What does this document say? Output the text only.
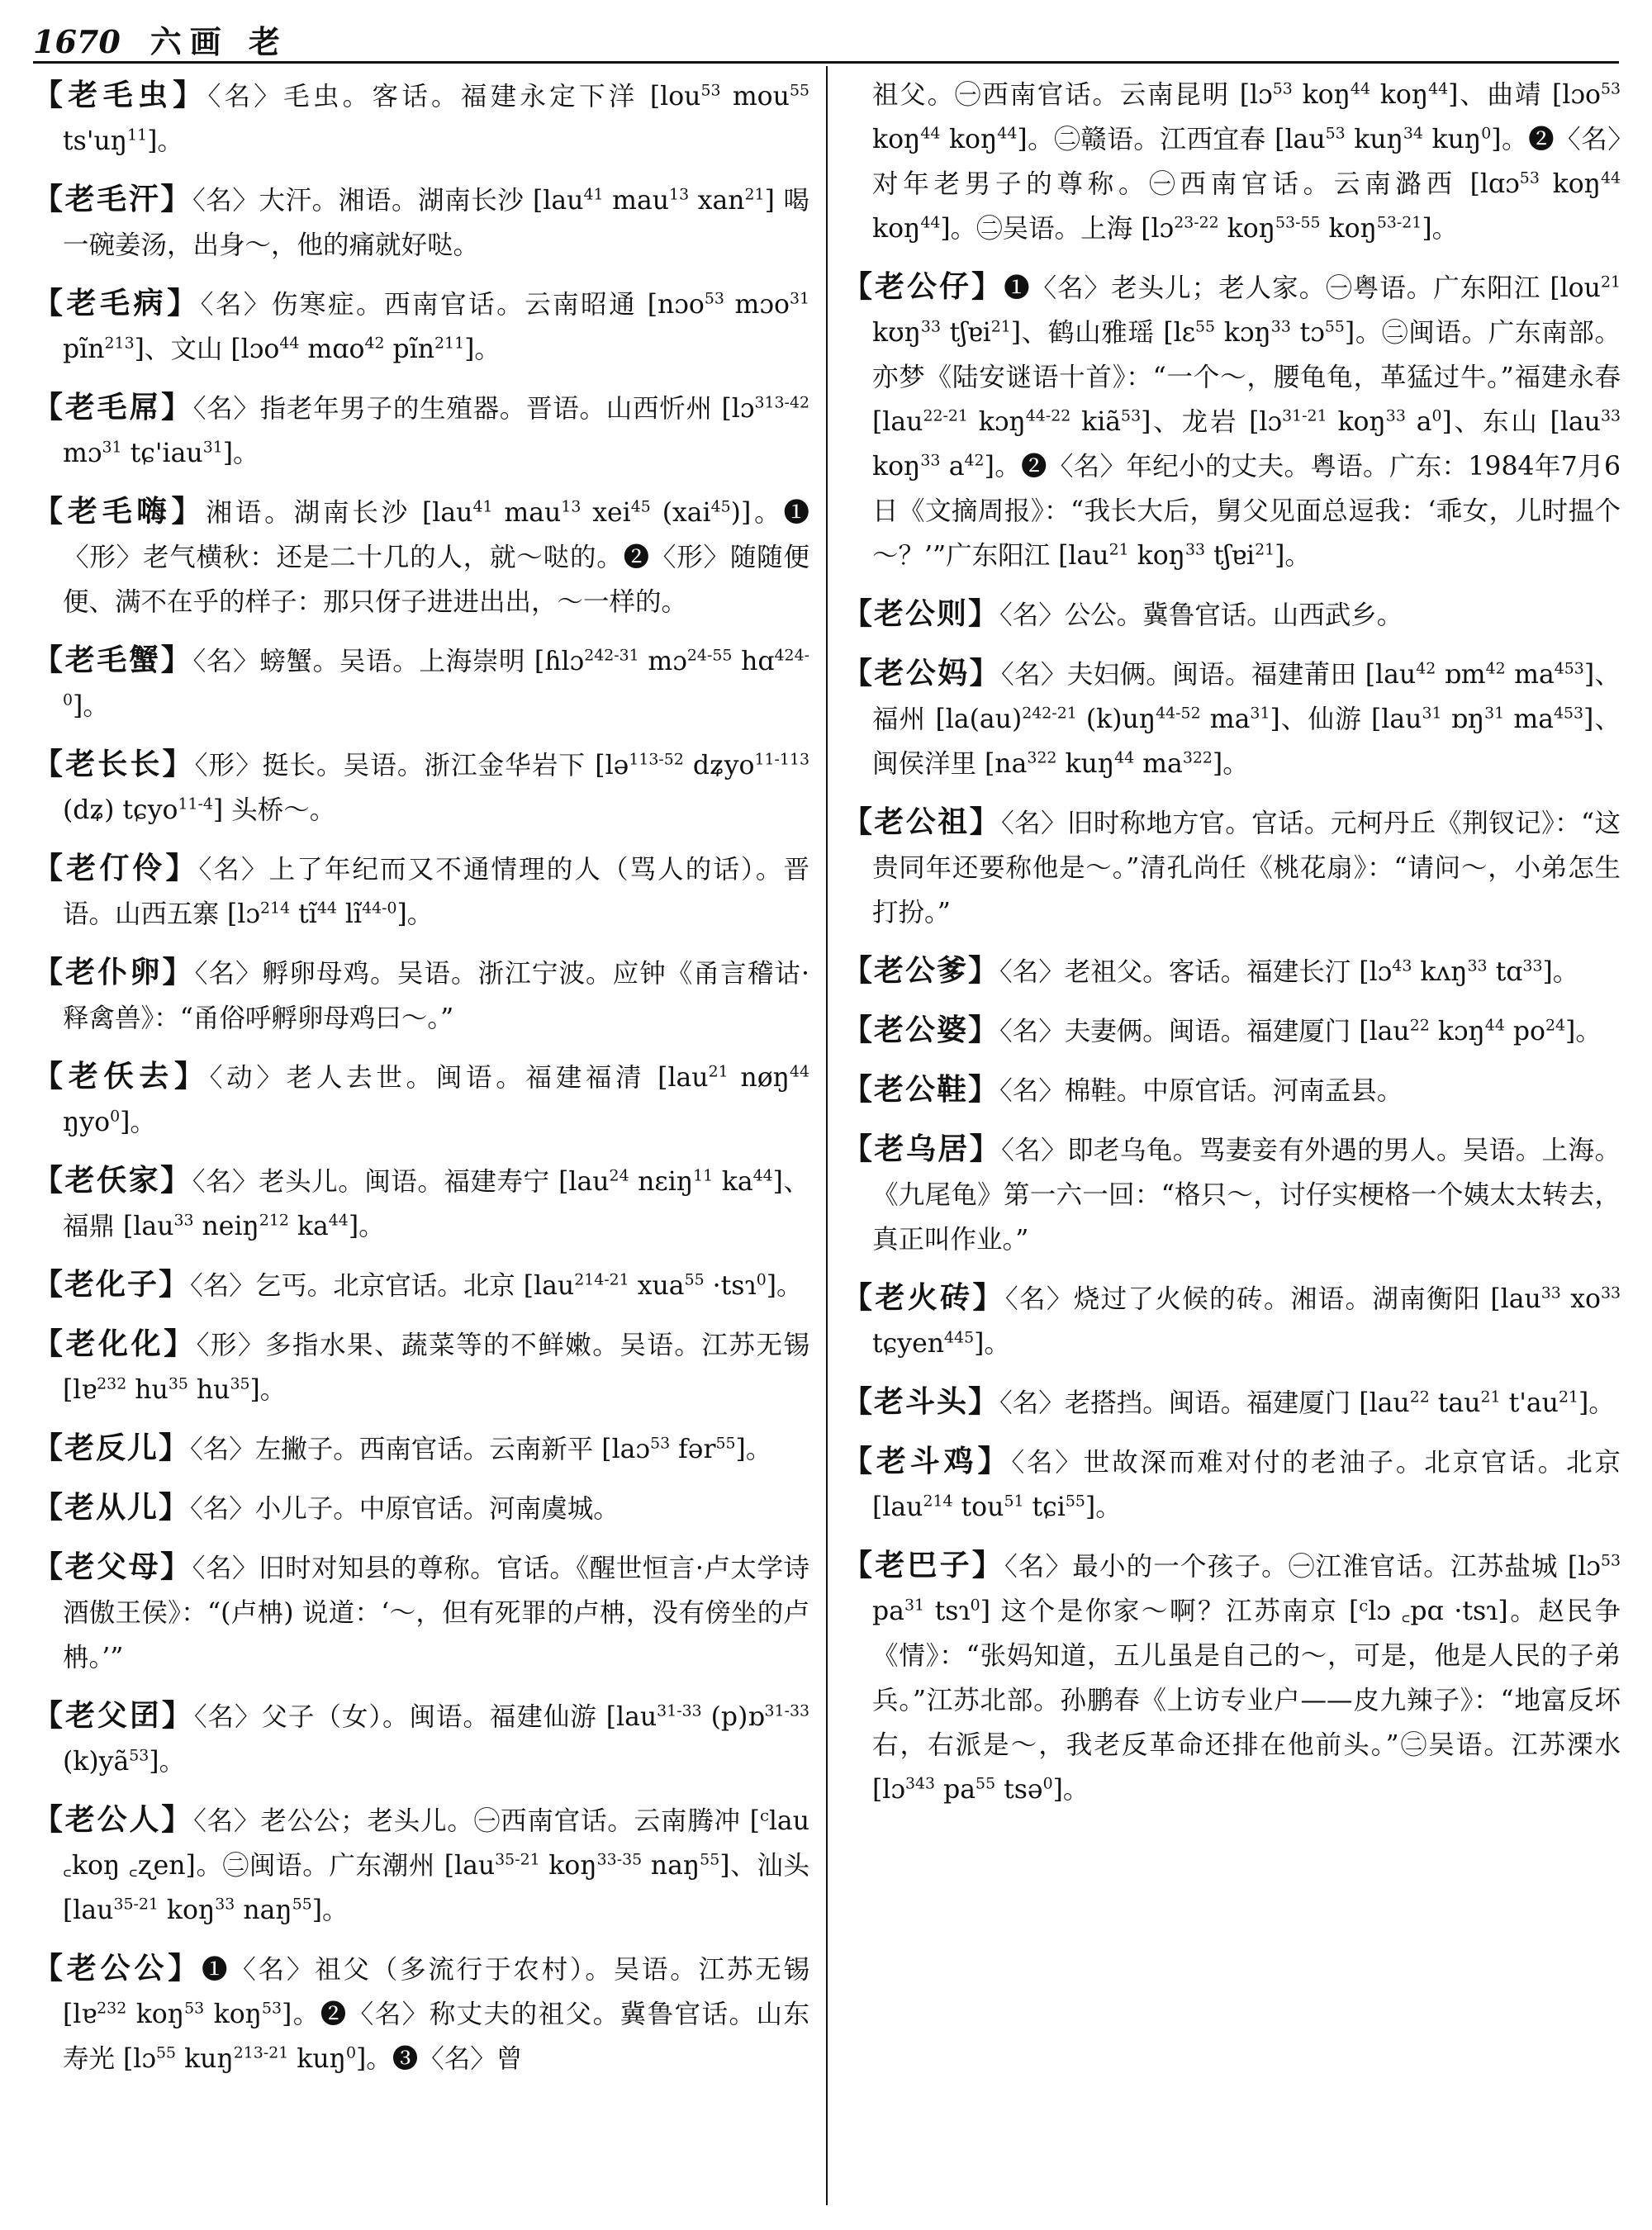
1670 六画 老

【老毛虫】〈名〉毛虫。客话。福建永定下洋 [lou$^{53}$ mou$^{55}$ $ts'uŋ^{11}$]。

【老毛汗】〈名〉大汗。湘语。湖南长沙 [lau$^{41}$ mau$^{13}$ xan$^{21}$] 喝一碗姜汤，出身～，他的痛就好哒。

【老毛病】〈名〉伤寒症。西南官话。云南昭通 [nɔo$^{53}$ mɔo$^{31}$ pĩn$^{213}$]、文山 [lɔo$^{44}$ mɑo$^{42}$ pĩn$^{211}$]。

【老毛屌】〈名〉指老年男子的生殖器。晋语。山西忻州 [lɔ$^{313-42}$ mɔ$^{31}$ tɕ'iau$^{31}$]。

【老毛嗨】湘语。湖南长沙 [lau$^{41}$ mau$^{13}$ xei$^{45}$ (xai$^{45}$)]。❶〈形〉老气横秋：还是二十几的人，就～哒的。❷〈形〉随随便便、满不在乎的样子：那只伢子进进出出，～一样的。

【老毛蟹】〈名〉螃蟹。吴语。上海崇明 [ɦlɔ$^{242-31}$ mɔ$^{24-55}$ hɑ$^{424-0}$]。

【老长长】〈形〉挺长。吴语。浙江金华岩下 [lə$^{113-52}$ dʑyo$^{11-113}$ (dʑ) tɕyo$^{11-4}$] 头桥～。

【老仃伶】〈名〉上了年纪而又不通情理的人（骂人的话）。晋语。山西五寨 [lɔ$^{214}$ $tĩ^{44}$ $lĩ^{44-0}$]。

【老仆卵】〈名〉孵卵母鸡。吴语。浙江宁波。应钟《甬言稽诂·释禽兽》：“甬俗呼孵卵母鸡曰～。”

【老仸去】〈动〉老人去世。闽语。福建福清 [lau$^{21}$ nøŋ$^{44}$ ŋyo$^0$]。

【老仸家】〈名〉老头儿。闽语。福建寿宁 [lau$^{24}$ nɛiŋ$^{11}$ $ka^{44}$]、福鼎 [lau$^{33}$ neiŋ$^{212}$ $ka^{44}$]。

【老化子】〈名〉乞丐。北京官话。北京 [lau$^{214-21}$ xua$^{55}$ ·tsɿ$^0$]。

【老化化】〈形〉多指水果、蔬菜等的不鲜嫩。吴语。江苏无锡 [lɐ$^{232}$ $hu^{35}$ $hu^{35}$]。

【老反儿】〈名〉左撇子。西南官话。云南新平 [laɔ$^{53}$ fər$^{55}$]。

【老从儿】〈名〉小儿子。中原官话。河南虞城。

【老父母】〈名〉旧时对知县的尊称。官话。《醒世恒言·卢太学诗酒傲王侯》：“(卢柟) 说道：‘～，但有死罪的卢柟，没有傍坐的卢柟。’”

【老父囝】〈名〉父子（女）。闽语。福建仙游 [lau$^{31-33}$ (p)ɒ$^{31-33}$ $(k)yã^{53}$]。

【老公人】〈名〉老公公；老头儿。㊀西南官话。云南腾冲 [ᶜlau ꜀koŋ ꜀ʐen]。㊁闽语。广东潮州 [lau$^{35-21}$ koŋ$^{33-35}$ naŋ$^{55}$]、汕头 [lau$^{35-21}$ koŋ$^{33}$ naŋ$^{55}$]。

【老公公】❶〈名〉祖父（多流行于农村）。吴语。江苏无锡 [lɐ$^{232}$ koŋ$^{53}$ koŋ$^{53}$]。❷〈名〉称丈夫的祖父。冀鲁官话。山东寿光 [lɔ$^{55}$ kuŋ$^{213-21}$ kuŋ$^0$]。❸〈名〉曾

祖父。㊀西南官话。云南昆明 [lɔ$^{53}$ koŋ$^{44}$ koŋ$^{44}$]、曲靖 [lɔo$^{53}$ koŋ$^{44}$ koŋ$^{44}$]。㊁赣语。江西宜春 [lau$^{53}$ kuŋ$^{34}$ kuŋ$^0$]。❷〈名〉对年老男子的尊称。㊀西南官话。云南潞西 [lɑɔ$^{53}$ koŋ$^{44}$ koŋ$^{44}$]。㊁吴语。上海 [lɔ$^{23-22}$ koŋ$^{53-55}$ koŋ$^{53-21}$]。

【老公仔】❶〈名〉老头儿；老人家。㊀粤语。广东阳江 [lou$^{21}$ kʊŋ$^{33}$ tʃɐi$^{21}$]、鹤山雅瑶 [lɛ$^{55}$ kɔŋ$^{33}$ tɔ$^{55}$]。㊁闽语。广东南部。亦梦《陆安谜语十首》：“一个～，腰龟龟，革猛过牛。”福建永春 [lau$^{22-21}$ kɔŋ$^{44-22}$ kiã$^{53}$]、龙岩 [lɔ$^{31-21}$ koŋ$^{33}$ $a^0$]、东山 [lau$^{33}$ koŋ$^{33}$ $a^{42}$]。❷〈名〉年纪小的丈夫。粤语。广东：1984年7月6日《文摘周报》：“我长大后，舅父见面总逗我：‘乖女，儿时揾个～？’”广东阳江 [lau$^{21}$ koŋ$^{33}$ tʃɐi$^{21}$]。

【老公则】〈名〉公公。冀鲁官话。山西武乡。

【老公妈】〈名〉夫妇俩。闽语。福建莆田 [lau$^{42}$ ɒm$^{42}$ $ma^{453}$]、福州 [la(au)$^{242-21}$ $(k)uŋ^{44-52}$ $ma^{31}$]、仙游 [lau$^{31}$ ɒŋ$^{31}$ $ma^{453}$]、闽侯洋里 [$na^{322}$ kuŋ$^{44}$ $ma^{322}$]。

【老公祖】〈名〉旧时称地方官。官话。元柯丹丘《荆钗记》：“这贵同年还要称他是～。”清孔尚任《桃花扇》：“请问～，小弟怎生打扮。”

【老公爹】〈名〉老祖父。客话。福建长汀 [lɔ$^{43}$ kʌŋ$^{33}$ tɑ$^{33}$]。

【老公婆】〈名〉夫妻俩。闽语。福建厦门 [lau$^{22}$ kɔŋ$^{44}$ $po^{24}$]。

【老公鞋】〈名〉棉鞋。中原官话。河南孟县。

【老乌居】〈名〉即老乌龟。骂妻妾有外遇的男人。吴语。上海。《九尾龟》第一六一回：“格只～，讨仔实梗格一个姨太太转去，真正叫作业。”

【老火砖】〈名〉烧过了火候的砖。湘语。湖南衡阳 [lau$^{33}$ $xo^{33}$ tɕyen$^{445}$]。

【老斗头】〈名〉老搭挡。闽语。福建厦门 [lau$^{22}$ tau$^{21}$ $t'au^{21}$]。

【老斗鸡】〈名〉世故深而难对付的老油子。北京官话。北京 [lau$^{214}$ tou$^{51}$ tɕi$^{55}$]。

【老巴子】〈名〉最小的一个孩子。㊀江淮官话。江苏盐城 [lɔ$^{53}$ $pa^{31}$ tsɿ$^0$] 这个是你家～啊？江苏南京 [ᶜlɔ ꜀pɑ ·tsɿ]。赵民争《情》：“张妈知道，五儿虽是自己的～，可是，他是人民的子弟兵。”江苏北部。孙鹏春《上访专业户——皮九辣子》：“地富反坏右，右派是～，我老反革命还排在他前头。”㊁吴语。江苏溧水 [lɔ$^{343}$ $pa^{55}$ tsə$^0$]。
